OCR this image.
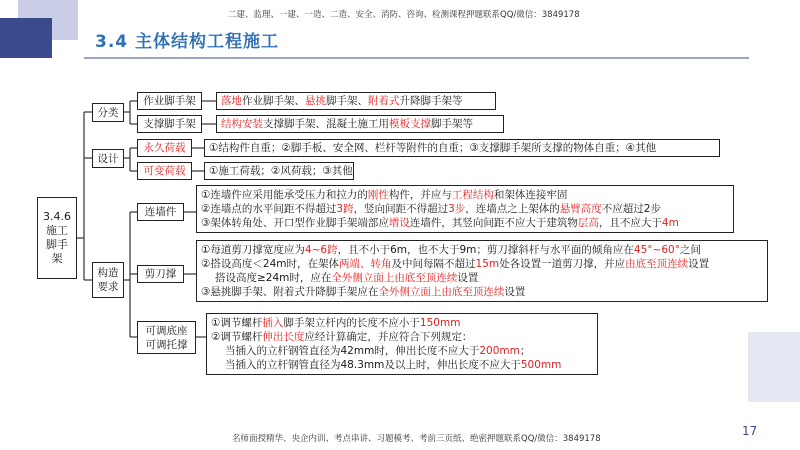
二建、监理、一建、一造、二造、安全、消防、咨询、检测课程押题联系QQ/微信：3849178
3.4 主体结构工程施工
3.4.6
施工
脚手
架
分类
设计
构造
要求
作业脚手架	落地作业脚手架、悬挑脚手架、附着式升降脚手架等
支撑脚手架	结构安装支撑脚手架、混凝土施工用模板支撑脚手架等
永久荷载 ①结构件自重；②脚手板、安全网、栏杆等附件的自重；③支撑脚手架所支撑的物体自重；④其他
可变荷载 ①施工荷载；②风荷载；③其他
连墙件
①连墙件应采用能承受压力和拉力的刚性构件，并应与工程结构和架体连接牢固
②连墙点的水平间距不得超过3跨，竖向间距不得超过3步，连墙点之上架体的悬臂高度不应超过2步
③架体转角处、开口型作业脚手架端部应增设连墙件，其竖向间距不应大于建筑物层高，且不应大于4m
剪刀撑
①每道剪刀撑宽度应为4~6跨，且不小于6m，也不大于9m；剪刀撑斜杆与水平面的倾角应在45°~60°之间
②搭设高度＜24m时，在架体两端、转角及中间每隔不超过15m处各设置一道剪刀撑，并应由底至顶连续设置
搭设高度≥24m时，应在全外侧立面上由底至顶连续设置
③悬挑脚手架、附着式升降脚手架应在全外侧立面上由底至顶连续设置
可调底座
可调托撑
①调节螺杆插入脚手架立杆内的长度不应小于150mm
②调节螺杆伸出长度应经计算确定，并应符合下列规定：
当插入的立杆钢管直径为42mm时，伸出长度不应大于200mm；
当插入的立杆钢管直径为48.3mm及以上时，伸出长度不应大于500mm
17
名师面授精华、央企内训、考点串讲、习题模考、考前三页纸、绝密押题联系QQ/微信：3849178
